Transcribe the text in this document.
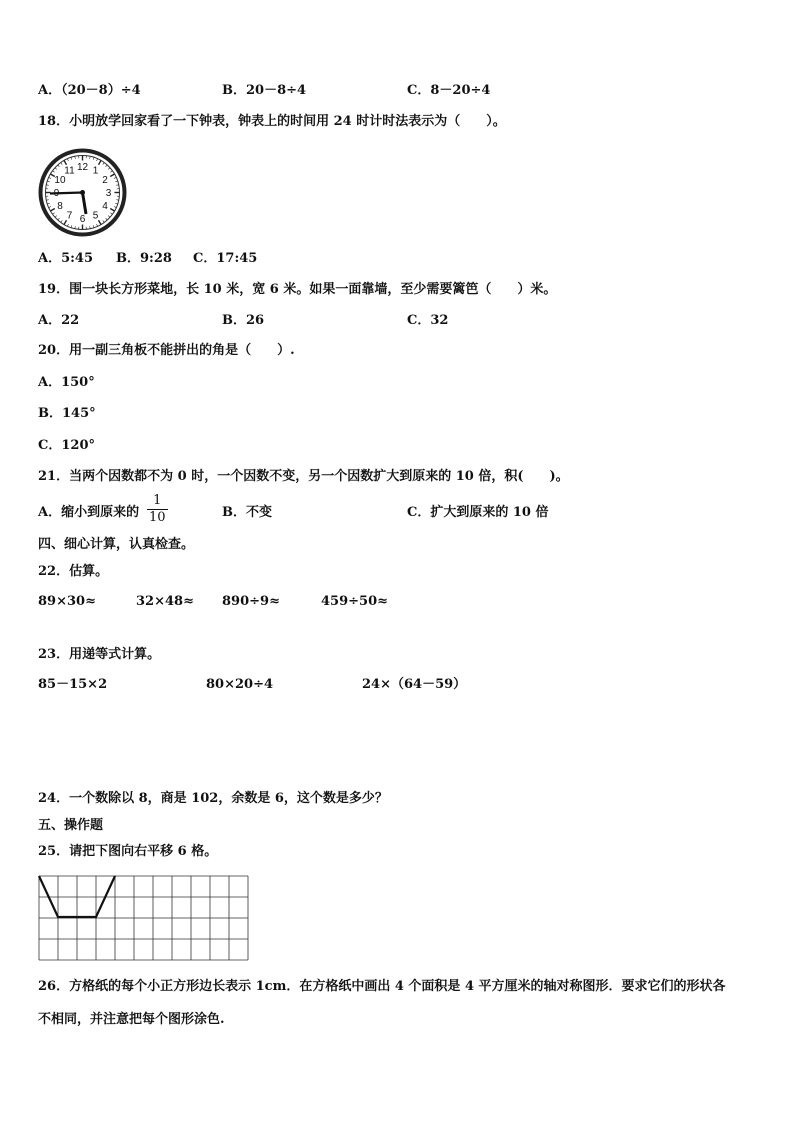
A．（20－8）÷4	B．20－8÷4	C．8－20÷4
18．小明放学回家看了一下钟表，钟表上的时间用 24 时计时法表示为（　　）。
12 1
2
3
4
5
6
7
8
10
11
A．5:45 B．9:28 C．17:45
19．围一块长方形菜地，长 10 米，宽 6 米。如果一面靠墙，至少需要篱笆（　　）米。
A．22	B．26	C．32
20．用一副三角板不能拼出的角是（　　）.
A．150°
B．145°
C．120°
21．当两个因数都不为 0 时，一个因数不变，另一个因数扩大到原来的 10 倍，积(　　)。
A．缩小到原来的
1
10	B．不变	C．扩大到原来的 10 倍
四、细心计算，认真检查。
22．估算。
89×30≈	32×48≈ 890÷9≈	459÷50≈
23．用递等式计算。
85－15×2	80×20÷4	24×（64－59）
24．一个数除以 8，商是 102，余数是 6，这个数是多少？
五、操作题
25．请把下图向右平移 6 格。
26．方格纸的每个小正方形边长表示 1cm．在方格纸中画出 4 个面积是 4 平方厘米的轴对称图形．要求它们的形状各
不相同，并注意把每个图形涂色.
